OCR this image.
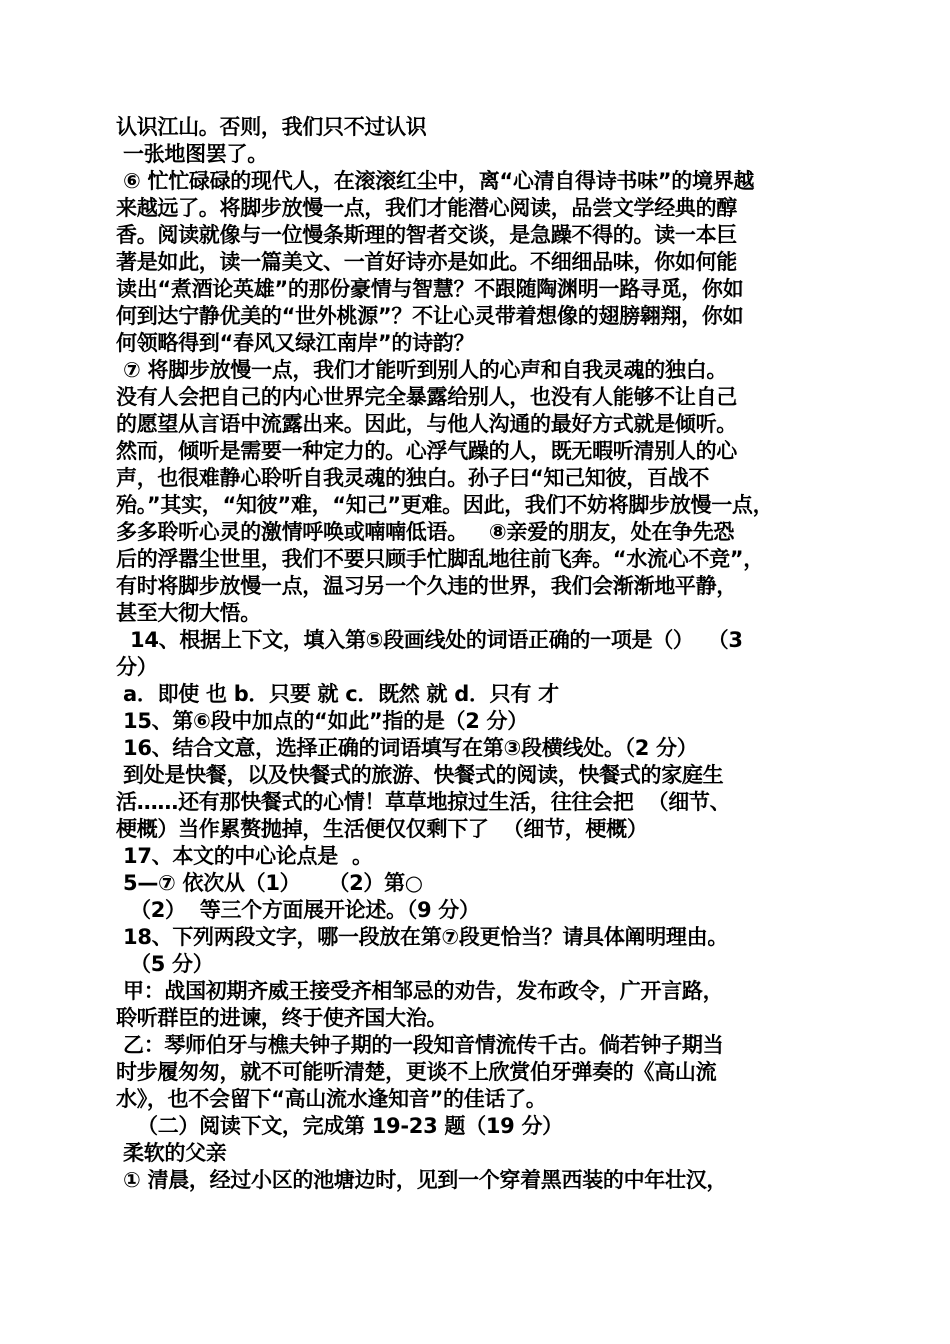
认识江山。否则，我们只不过认识

一张地图罢了。

⑥ 忙忙碌碌的现代人，在滚滚红尘中，离“心清自得诗书味”的境界越

来越远了。将脚步放慢一点，我们才能潜心阅读，品尝文学经典的醇

香。阅读就像与一位慢条斯理的智者交谈，是急躁不得的。读一本巨

著是如此，读一篇美文、一首好诗亦是如此。不细细品味，你如何能

读出“煮酒论英雄”的那份豪情与智慧？不跟随陶渊明一路寻觅，你如

何到达宁静优美的“世外桃源”？不让心灵带着想像的翅膀翱翔，你如

何领略得到“春风又绿江南岸”的诗韵？

⑦ 将脚步放慢一点，我们才能听到别人的心声和自我灵魂的独白。

没有人会把自己的内心世界完全暴露给别人，也没有人能够不让自己

的愿望从言语中流露出来。因此，与他人沟通的最好方式就是倾听。

然而，倾听是需要一种定力的。心浮气躁的人，既无暇听清别人的心

声，也很难静心聆听自我灵魂的独白。孙子曰“知己知彼，百战不

殆。”其实，“知彼”难，“知己”更难。因此，我们不妨将脚步放慢一点，

多多聆听心灵的激情呼唤或喃喃低语。   ⑧亲爱的朋友，处在争先恐

后的浮嚣尘世里，我们不要只顾手忙脚乱地往前飞奔。“水流心不竞”，

有时将脚步放慢一点，温习另一个久违的世界，我们会渐渐地平静，

甚至大彻大悟。

14、根据上下文，填入第⑤段画线处的词语正确的一项是（）  （3

分）

a．即使 也 b．只要 就 c．既然 就 d．只有 才

15、第⑥段中加点的“如此”指的是（2 分）

16、结合文意，选择正确的词语填写在第③段横线处。（2 分）

到处是快餐，以及快餐式的旅游、快餐式的阅读，快餐式的家庭生

活……还有那快餐式的心情！草草地掠过生活，往往会把  （细节、

梗概）当作累赘抛掉，生活便仅仅剩下了  （细节，梗概）

17、本文的中心论点是  。

5—⑦ 依次从（1）    （2）第○

（2）  等三个方面展开论述。（9 分）

18、下列两段文字，哪一段放在第⑦段更恰当？请具体阐明理由。

（5 分）

甲：战国初期齐威王接受齐相邹忌的劝告，发布政令，广开言路，

聆听群臣的进谏，终于使齐国大治。

乙：琴师伯牙与樵夫钟子期的一段知音情流传千古。倘若钟子期当

时步履匆匆，就不可能听清楚，更谈不上欣赏伯牙弹奏的《高山流

水》，也不会留下“高山流水逢知音”的佳话了。

（二）阅读下文，完成第 19-23 题（19 分）

柔软的父亲

① 清晨，经过小区的池塘边时，见到一个穿着黑西装的中年壮汉，
